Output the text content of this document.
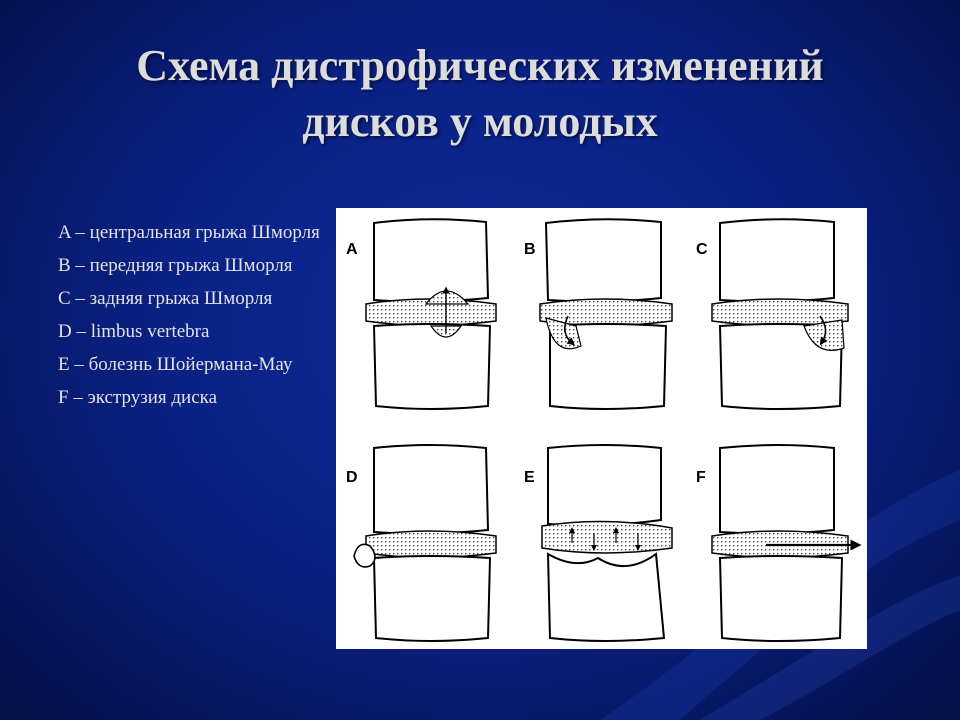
Схема дистрофических изменений
дисков у молодых
A – центральная грыжа Шморля
B – передняя грыжа Шморля
C – задняя грыжа Шморля
D – limbus vertebra
E – болезнь Шойермана-Мау
F – экструзия диска
A	B	C
D	E	F
